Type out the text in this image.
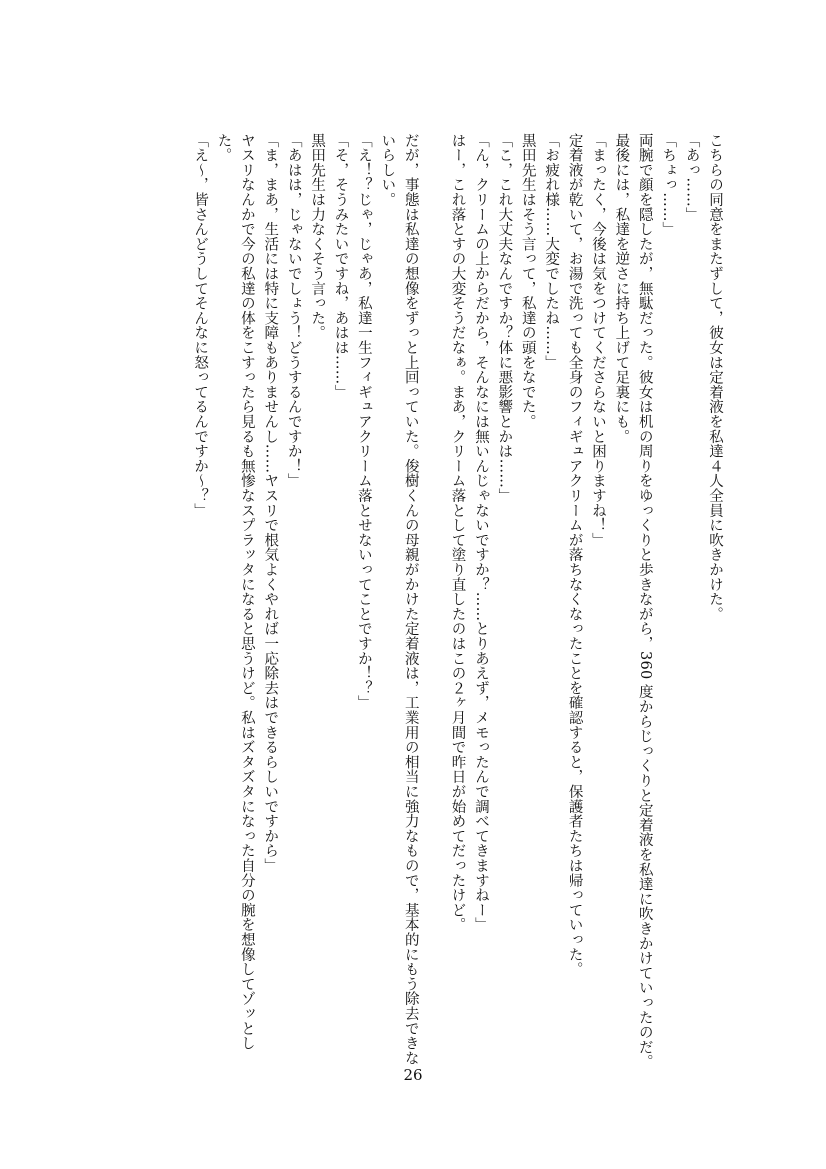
こちらの同意をまたずして，彼女は定着液を私達４人全員に吹きかけた。
「あっ……」
「ちょっ……」
両腕で顔を隠したが，無駄だった。彼女は机の周りをゆっくりと歩きながら，360 度からじっくりと定着液を私達に吹きかけていったのだ。
最後には，私達を逆さに持ち上げて足裏にも。
「まったく，今後は気をつけてくださらないと困りますね！」
定着液が乾いて，お湯で洗っても全身のフィギュアクリームが落ちなくなったことを確認すると，保護者たちは帰っていった。
「お疲れ様……大変でしたね……」
黒田先生はそう言って，私達の頭をなでた。
「こ，これ大丈夫なんですか？体に悪影響とかは……」
「ん，クリームの上からだから，そんなには無いんじゃないですか？……とりあえず，メモったんで調べてきますねー」
はー，これ落とすの大変そうだなぁ。まあ，クリーム落として塗り直したのはこの２ヶ月間で昨日が始めてだったけど。
だが，事態は私達の想像をずっと上回っていた。俊樹くんの母親がかけた定着液は，工業用の相当に強力なもので，基本的にもう除去できな
いらしい。
「え！？じゃ，じゃあ，私達一生フィギュアクリーム落とせないってことですか！？」
「そ，そうみたいですね，あはは……」
黒田先生は力なくそう言った。
「あはは，じゃないでしょう！どうするんですか！」
「ま，まあ，生活には特に支障もありませんし……ヤスリで根気よくやれば一応除去はできるらしいですから」
ヤスリなんかで今の私達の体をこすったら見るも無惨なスプラッタになると思うけど。私はズタズタになった自分の腕を想像してゾッとし
た。
「え～，皆さんどうしてそんなに怒ってるんですか～？」
26
